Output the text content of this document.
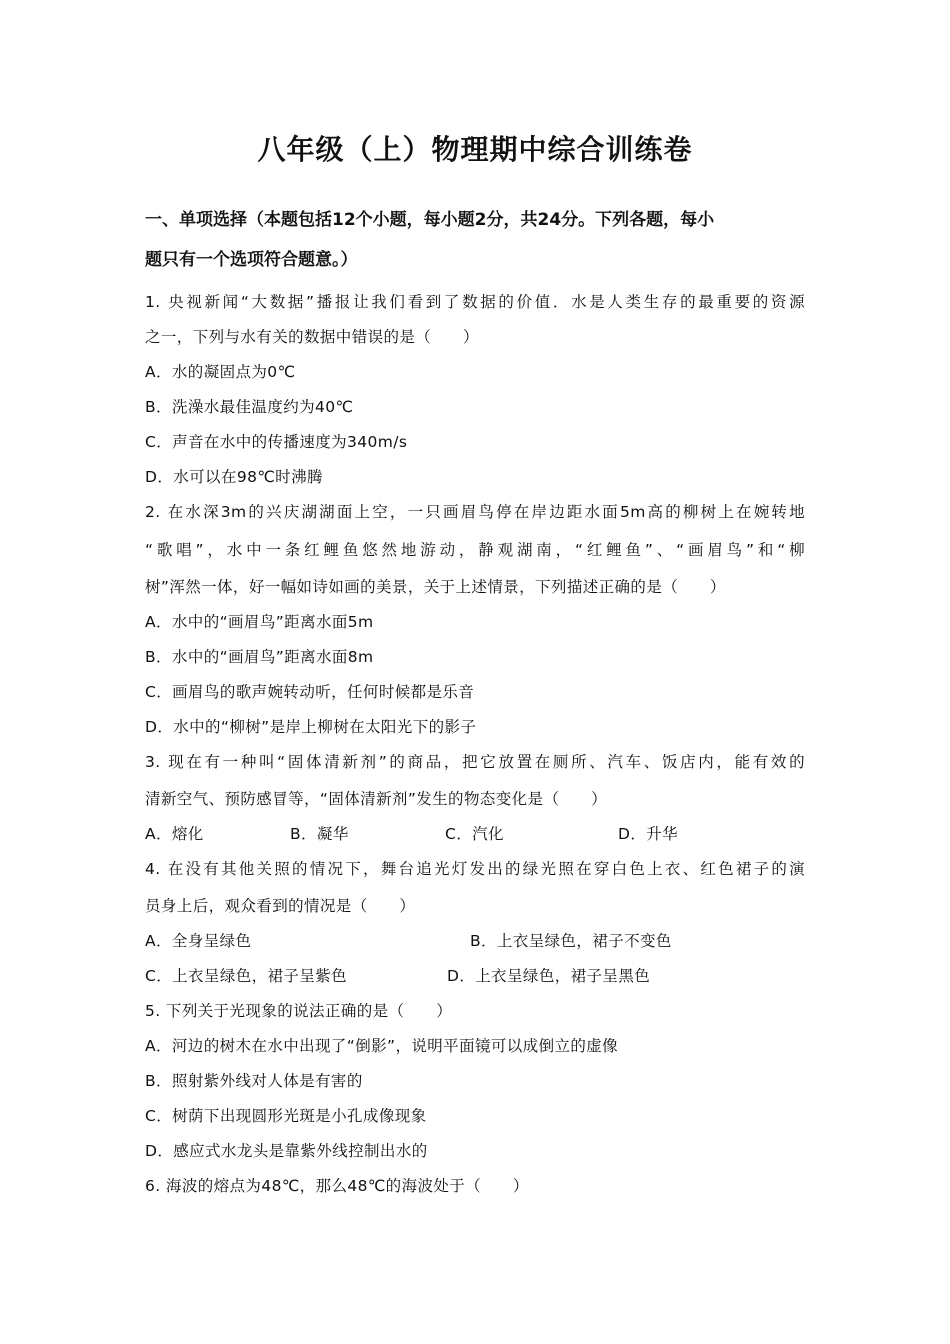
八年级（上）物理期中综合训练卷
一、单项选择（本题包括12个小题，每小题2分，共24分。下列各题，每小
题只有一个选项符合题意。）
1. 央视新闻“大数据”播报让我们看到了数据的价值．水是人类生存的最重要的资源
之一，下列与水有关的数据中错误的是（　　）
A．水的凝固点为0℃
B．洗澡水最佳温度约为40℃
C．声音在水中的传播速度为340m/s
D．水可以在98℃时沸腾
2. 在水深3m的兴庆湖湖面上空，一只画眉鸟停在岸边距水面5m高的柳树上在婉转地
“歌唱”，水中一条红鲤鱼悠然地游动，静观湖南，“红鲤鱼”、“画眉鸟”和“柳
树”浑然一体，好一幅如诗如画的美景，关于上述情景，下列描述正确的是（　　）
A．水中的“画眉鸟”距离水面5m
B．水中的“画眉鸟”距离水面8m
C．画眉鸟的歌声婉转动听，任何时候都是乐音
D．水中的“柳树”是岸上柳树在太阳光下的影子
3. 现在有一种叫“固体清新剂”的商品，把它放置在厕所、汽车、饭店内，能有效的
清新空气、预防感冒等，“固体清新剂”发生的物态变化是（　　）
A．熔化	B．凝华	C．汽化	D．升华
4. 在没有其他关照的情况下，舞台追光灯发出的绿光照在穿白色上衣、红色裙子的演
员身上后，观众看到的情况是（　　）
A．全身呈绿色	B．上衣呈绿色，裙子不变色
C．上衣呈绿色，裙子呈紫色	D．上衣呈绿色，裙子呈黑色
5. 下列关于光现象的说法正确的是（　　）
A．河边的树木在水中出现了“倒影”，说明平面镜可以成倒立的虚像
B．照射紫外线对人体是有害的
C．树荫下出现圆形光斑是小孔成像现象
D．感应式水龙头是靠紫外线控制出水的
6. 海波的熔点为48℃，那么48℃的海波处于（　　）
